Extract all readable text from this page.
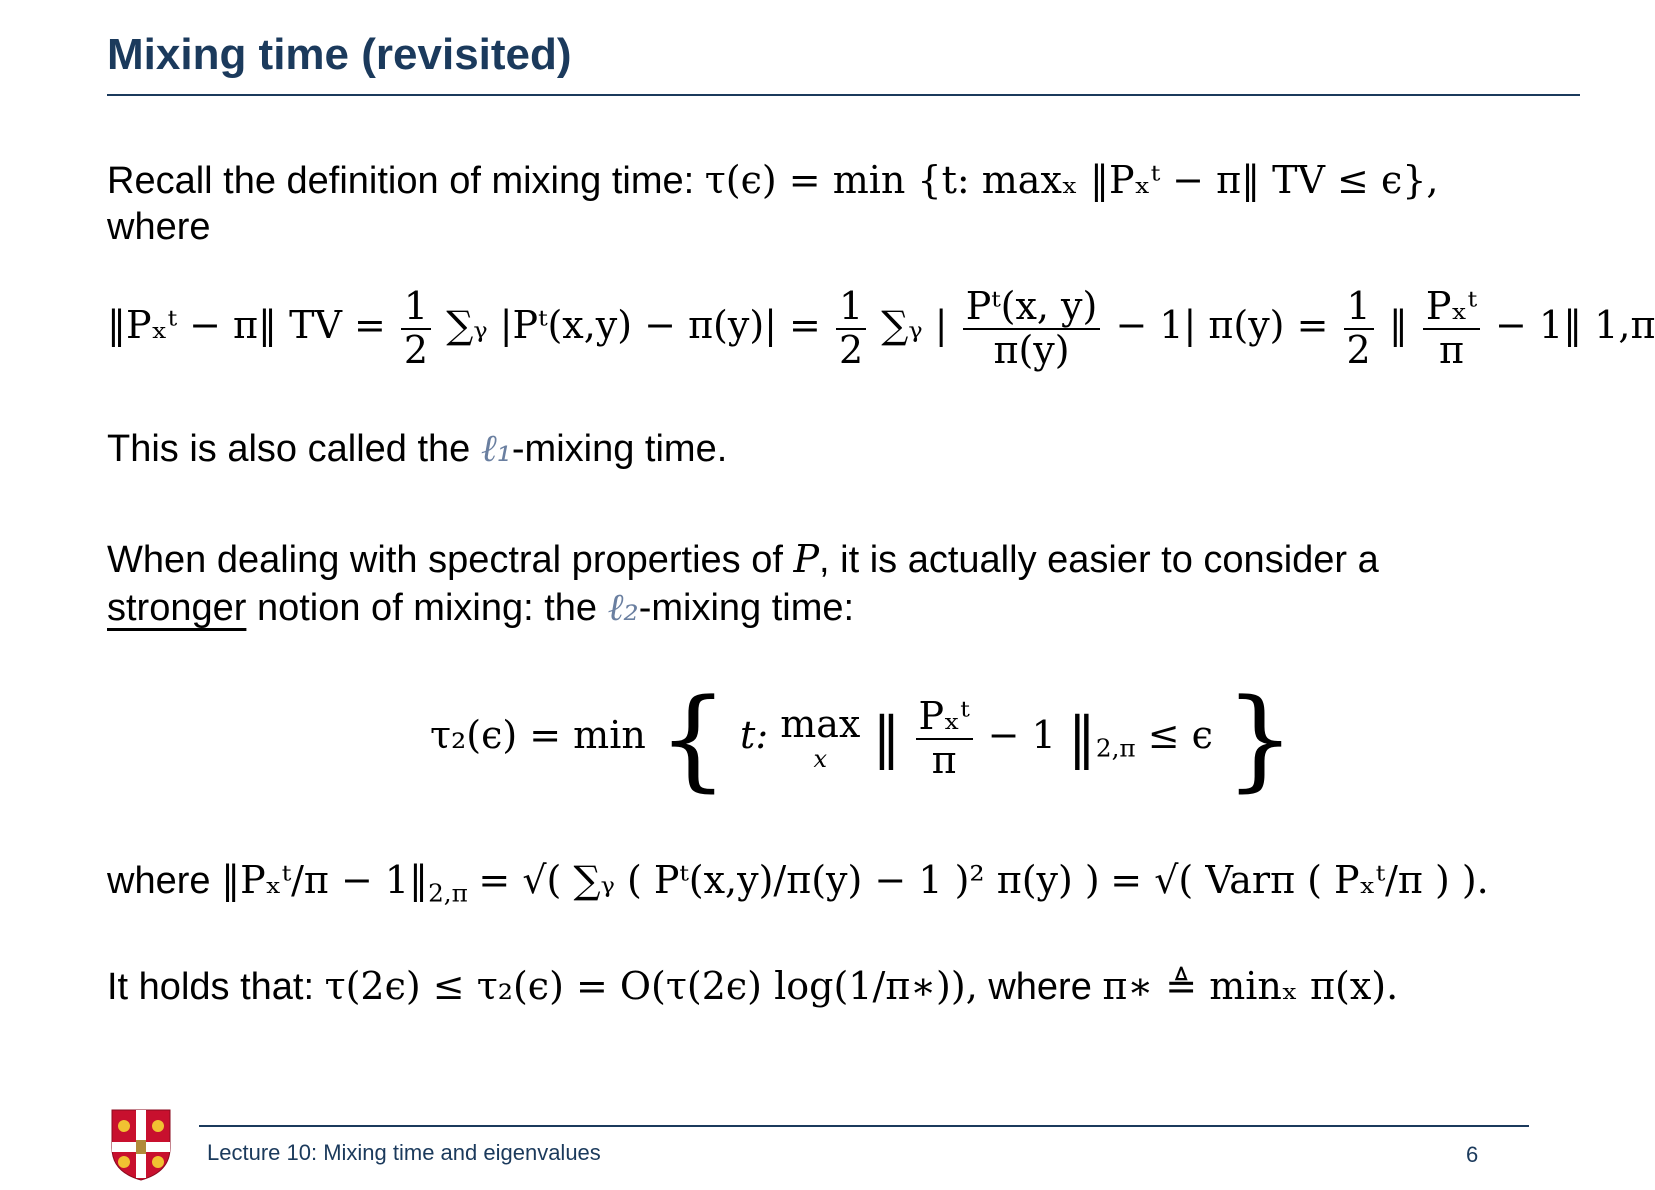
Mixing time (revisited)
Recall the definition of mixing time: τ(ϵ) = min {t: maxₓ ‖Pₓᵗ − π‖ TV ≤ ϵ},
where
‖Pₓᵗ − π‖ TV = $\frac{1}{2}$ ∑ᵧ |Pᵗ(x,y) − $\pi(y)| = \frac{1}{2}$ ∑ᵧ | $\frac{\text{Pᵗ(x, y)}}{\pi(y)} - 1|$ $\pi(y) = \frac{1}{2}$ ‖ $\frac{\text{Pₓᵗ}}{\pi}$ − 1‖ 1,π
This is also called the ℓ₁-mixing time.
When dealing with spectral properties of P, it is actually easier to consider a
stronger notion of mixing: the ℓ₂-mixing time:
τ₂(ϵ) = min { t: max
x ‖ $\frac{\text{Pₓᵗ}}{\pi} - 1$ $‖_{2,\pi} \le \epsilon$ }
where ‖Pₓᵗ/π − $1‖_{2,\pi}$ = √( ∑ᵧ ( Pᵗ(x,y)/π(y) − 1 )² π(y) ) = √( Varπ ( Pₓᵗ/π ) ).
It holds that: τ(2ϵ) ≤ τ₂(ϵ) = O(τ(2ϵ) log(1/π∗)), where π∗ ≜ minₓ π(x).
Lecture 10: Mixing time and eigenvalues	6
